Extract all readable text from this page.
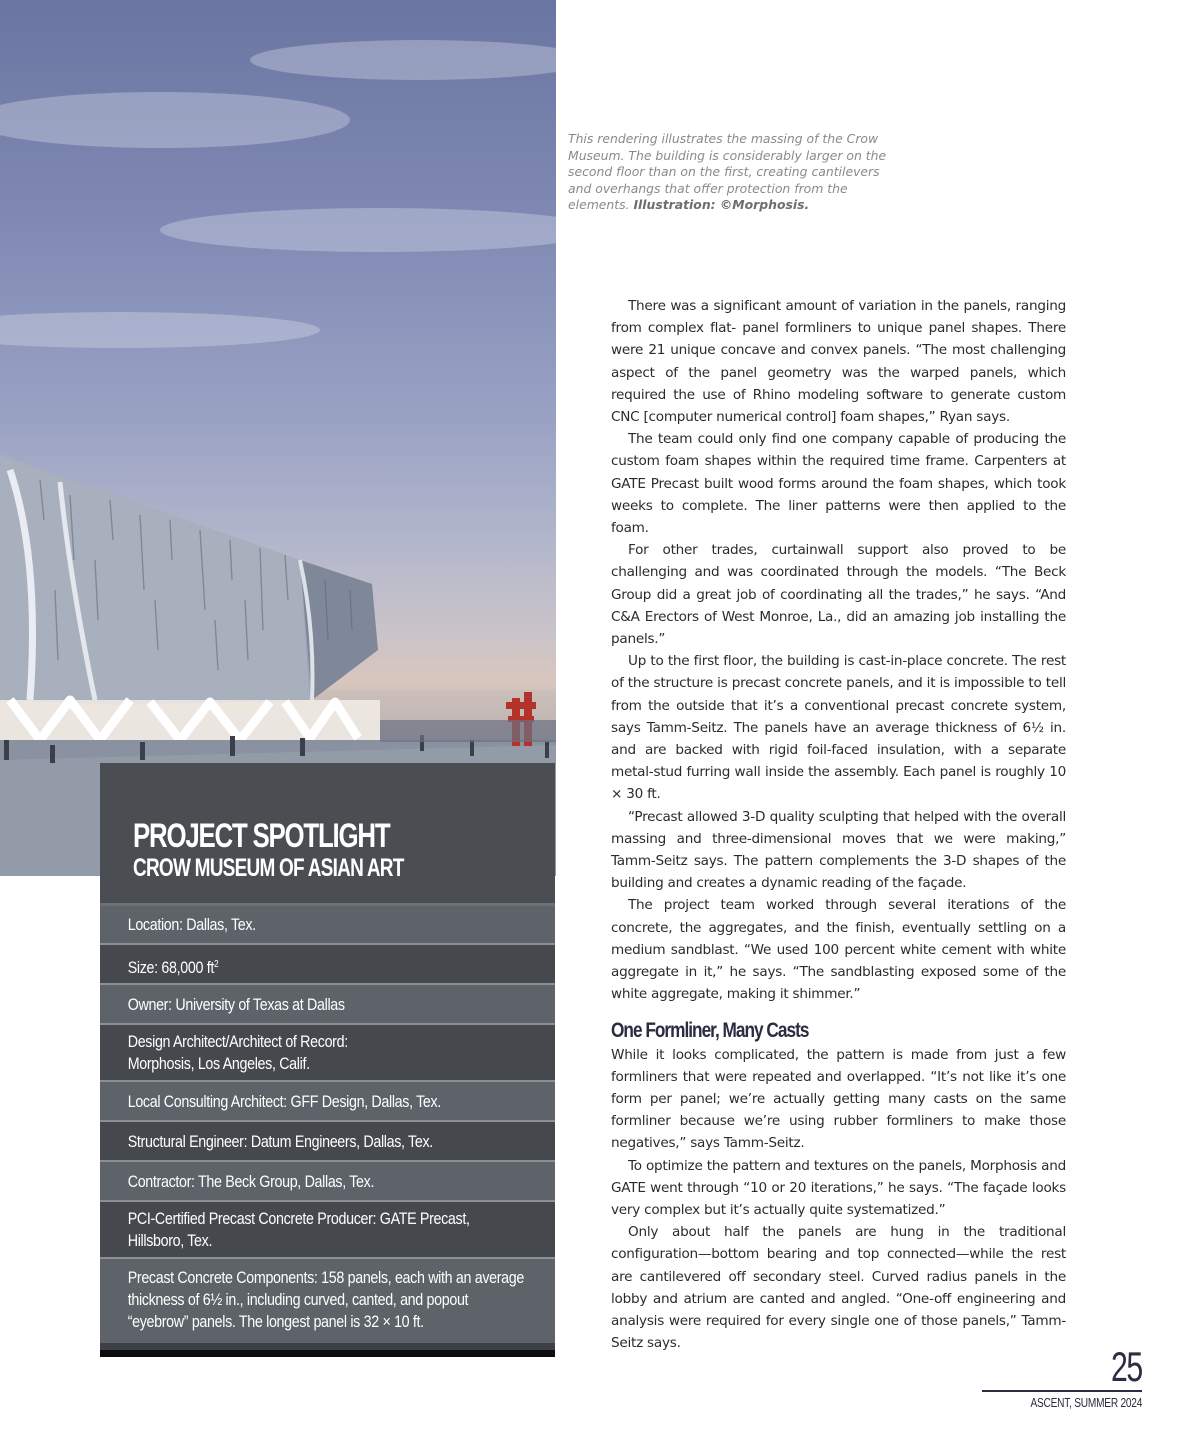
This rendering illustrates the massing of the Crow Museum. The building is considerably larger on the second floor than on the first, creating cantilevers and overhangs that offer protection from the elements. Illustration: ©Morphosis.

There was a significant amount of variation in the panels, ranging from complex flat- panel formliners to unique panel shapes. There were 21 unique concave and convex panels. “The most challenging aspect of the panel geometry was the warped panels, which required the use of Rhino modeling software to generate custom CNC [computer numerical control] foam shapes,” Ryan says.

The team could only find one company capable of producing the custom foam shapes within the required time frame. Carpenters at GATE Precast built wood forms around the foam shapes, which took weeks to complete. The liner patterns were then applied to the foam.

For other trades, curtainwall support also proved to be challenging and was coordinated through the models. “The Beck Group did a great job of coordinating all the trades,” he says. “And C&A Erectors of West Monroe, La., did an amazing job installing the panels.”

Up to the first floor, the building is cast-in-place concrete. The rest of the structure is precast concrete panels, and it is impossible to tell from the outside that it’s a conventional precast concrete system, says Tamm-Seitz. The panels have an average thickness of 6½ in. and are backed with rigid foil-faced insulation, with a separate metal-stud furring wall inside the assembly. Each panel is roughly 10 × 30 ft.

“Precast allowed 3-D quality sculpting that helped with the overall massing and three-dimensional moves that we were making,” Tamm-Seitz says. The pattern complements the 3-D shapes of the building and creates a dynamic reading of the façade.

The project team worked through several iterations of the concrete, the aggregates, and the finish, eventually settling on a medium sandblast. “We used 100 percent white cement with white aggregate in it,” he says. “The sandblasting exposed some of the white aggregate, making it shimmer.”

One Formliner, Many Casts

While it looks complicated, the pattern is made from just a few formliners that were repeated and overlapped. “It’s not like it’s one form per panel; we’re actually getting many casts on the same formliner because we’re using rubber formliners to make those negatives,” says Tamm-Seitz.

To optimize the pattern and textures on the panels, Morphosis and GATE went through “10 or 20 iterations,” he says. “The façade looks very complex but it’s actually quite systematized.”

Only about half the panels are hung in the traditional configuration—bottom bearing and top connected—while the rest are cantilevered off secondary steel. Curved radius panels in the lobby and atrium are canted and angled. “One-off engineering and analysis were required for every single one of those panels,” Tamm-Seitz says.

PROJECT SPOTLIGHT
CROW MUSEUM OF ASIAN ART
Location: Dallas, Tex.
Size: 68,000 $ft^2$
Owner: University of Texas at Dallas
Design Architect/Architect of Record:
Morphosis, Los Angeles, Calif.
Local Consulting Architect: GFF Design, Dallas, Tex.
Structural Engineer: Datum Engineers, Dallas, Tex.
Contractor: The Beck Group, Dallas, Tex.
PCI-Certified Precast Concrete Producer: GATE Precast,
Hillsboro, Tex.
Precast Concrete Components: 158 panels, each with an average
thickness of 6½ in., including curved, canted, and popout
“eyebrow” panels. The longest panel is 32 × 10 ft.
25
ASCENT, SUMMER 2024
